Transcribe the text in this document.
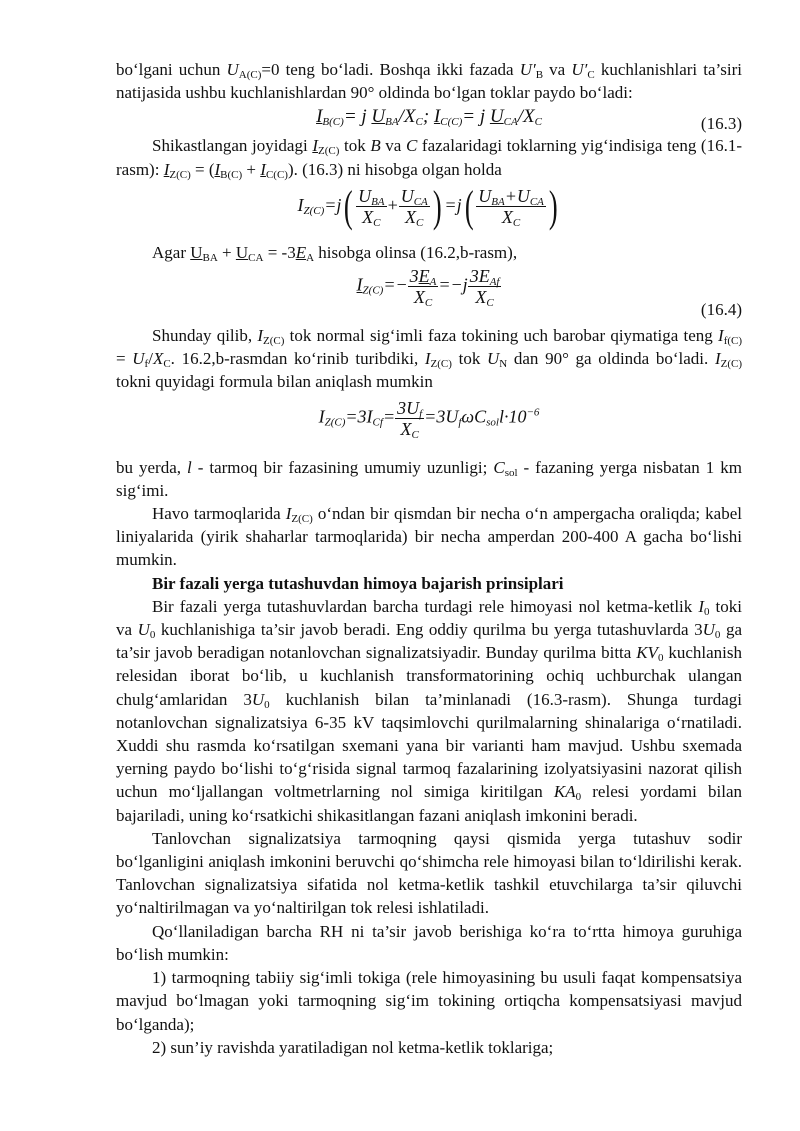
bo‘lgani uchun $U_{A(C)}=0$ teng bo‘ladi. Boshqa ikki fazada $U'_B$ va $U'_C$ kuchlanishlari ta’siri natijasida ushbu kuchlanishlardan 90° oldinda bo‘lgan toklar paydo bo‘ladi:

$I_{B(C)}= j$ $U_{BA}/X_C$; $I_{C(C)}= j$ $U_{CA}/X_C$	(16.3)

Shikastlangan joyidagi $I_{Z(C)}$ tok B va C fazalaridagi toklarning yig‘indisiga teng (16.1-rasm): $I_{Z(C)} = (I_{B(C)} + I_{C(C)})$. (16.3) ni hisobga olgan holda

$I_{Z(C)}=j( \frac{U_{BA}}{X_C} + \frac{U_{CA}}{X_C}$ ) $=j( \frac{U_{BA}+U_{CA}}{X_C}$ )

Agar $U_{BA} + U_{CA} = -3E_A$ hisobga olinsa (16.2,b-rasm),

$I_{Z(C)}=- \frac{3E_A}{X_C} =-j \frac{3E_{Af}}{X_C}$
(16.4)

Shunday qilib, $I_{Z(C)}$ tok normal sig‘imli faza tokining uch barobar qiymatiga teng $I_{f(C)} = U_f/X_C$. 16.2,b-rasmdan ko‘rinib turibdiki, $I_{Z(C)}$ tok $U_N$ dan 90° ga oldinda bo‘ladi. $I_{Z(C)}$ tokni quyidagi formula bilan aniqlash mumkin

$I_{Z(C)}=3I_{Cf}= \frac{3U_f}{X_C} =3U_f\omega C_{sol}l\cdot 10^{-6}$

bu yerda, l - tarmoq bir fazasining umumiy uzunligi; $C_{sol}$ - fazaning yerga nisbatan 1 km sig‘imi.

Havo tarmoqlarida $I_{Z(C)}$ o‘ndan bir qismdan bir necha o‘n ampergacha oraliqda; kabel liniyalarida (yirik shaharlar tarmoqlarida) bir necha amperdan 200-400 A gacha bo‘lishi mumkin.

Bir fazali yerga tutashuvdan himoya bajarish prinsiplari

Bir fazali yerga tutashuvlardan barcha turdagi rele himoyasi nol ketma-ketlik $I_0$ toki va $U_0$ kuchlanishiga ta’sir javob beradi. Eng oddiy qurilma bu yerga tutashuvlarda $3U_0$ ga ta’sir javob beradigan notanlovchan signalizatsiyadir. Bunday qurilma bitta $KV_0$ kuchlanish relesidan iborat bo‘lib, u kuchlanish transformatorining ochiq uchburchak ulangan chulg‘amlaridan $3U_0$ kuchlanish bilan ta’minlanadi (16.3-rasm). Shunga turdagi notanlovchan signalizatsiya 6-35 kV taqsimlovchi qurilmalarning shinalariga o‘rnatiladi. Xuddi shu rasmda ko‘rsatilgan sxemani yana bir varianti ham mavjud. Ushbu sxemada yerning paydo bo‘lishi to‘g‘risida signal tarmoq fazalarining izolyatsiyasini nazorat qilish uchun mo‘ljallangan voltmetrlarning nol simiga kiritilgan $KA_0$ relesi yordami bilan bajariladi, uning ko‘rsatkichi shikasitlangan fazani aniqlash imkonini beradi.

Tanlovchan signalizatsiya tarmoqning qaysi qismida yerga tutashuv sodir bo‘lganligini aniqlash imkonini beruvchi qo‘shimcha rele himoyasi bilan to‘ldirilishi kerak. Tanlovchan signalizatsiya sifatida nol ketma-ketlik tashkil etuvchilarga ta’sir qiluvchi yo‘naltirilmagan va yo‘naltirilgan tok relesi ishlatiladi.

Qo‘llaniladigan barcha RH ni ta’sir javob berishiga ko‘ra to‘rtta himoya guruhiga bo‘lish mumkin:

1) tarmoqning tabiiy sig‘imli tokiga (rele himoyasining bu usuli faqat kompensatsiya mavjud bo‘lmagan yoki tarmoqning sig‘im tokining ortiqcha kompensatsiyasi mavjud bo‘lganda);

2) sun’iy ravishda yaratiladigan nol ketma-ketlik toklariga;
